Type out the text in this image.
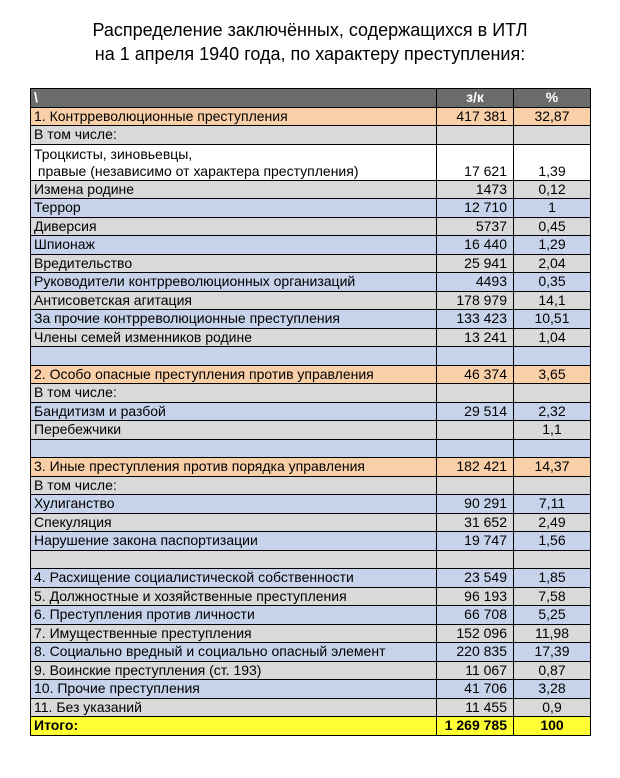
Распределение заключённых, содержащихся в ИТЛ
на 1 апреля 1940 года, по характеру преступления:
\	з/к	%
1. Контрреволюционные преступления	417 381	32,87
В том числе:		

Троцкисты, зиновьевцы,
правые (независимо от характера преступления)	17 621	1,39
Измена родине	1473	0,12
Террор	12 710	1
Диверсия	5737	0,45
Шпионаж	16 440	1,29
Вредительство	25 941	2,04
Руководители контрреволюционных организаций	4493	0,35
Антисоветская агитация	178 979	14,1
За прочие контрреволюционные преступления	133 423	10,51
Члены семей изменников родине	13 241	1,04

2. Особо опасные преступления против управления	46 374	3,65
В том числе:		
Бандитизм и разбой	29 514	2,32
Перебежчики		1,1

3. Иные преступления против порядка управления	182 421	14,37
В том числе:		
Хулиганство	90 291	7,11
Спекуляция	31 652	2,49
Нарушение закона паспортизации	19 747	1,56

4. Расхищение социалистической собственности	23 549	1,85
5. Должностные и хозяйственные преступления	96 193	7,58
6. Преступления против личности	66 708	5,25
7. Имущественные преступления	152 096	11,98
8. Социально вредный и социально опасный элемент	220 835	17,39
9. Воинские преступления (ст. 193)	11 067	0,87
10. Прочие преступления	41 706	3,28
11. Без указаний	11 455	0,9
Итого:	1 269 785	100
